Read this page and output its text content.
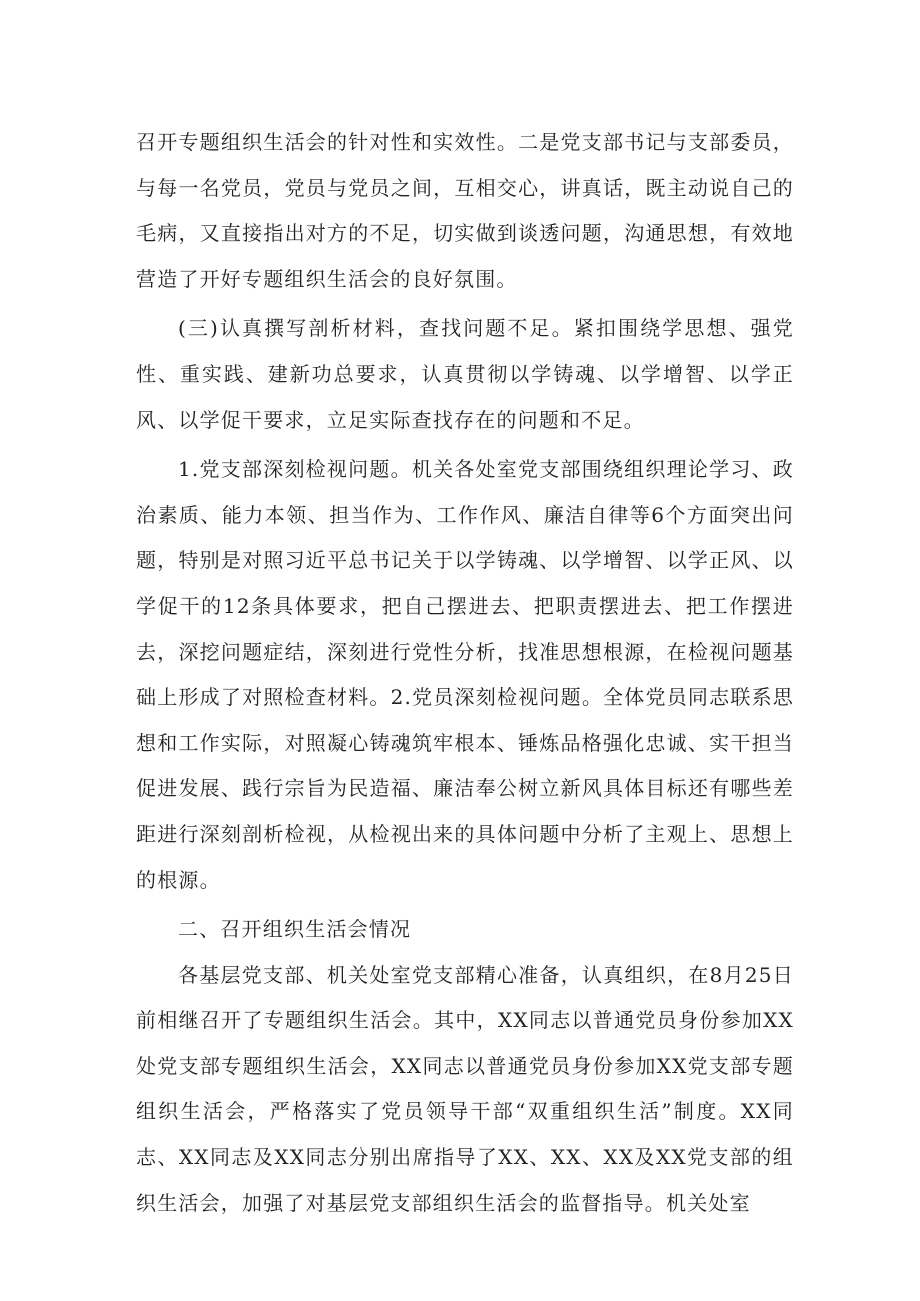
召开专题组织生活会的针对性和实效性。二是党支部书记与支部委员，与每一名党员，党员与党员之间，互相交心，讲真话，既主动说自己的毛病，又直接指出对方的不足，切实做到谈透问题，沟通思想，有效地营造了开好专题组织生活会的良好氛围。

(三)认真撰写剖析材料，查找问题不足。紧扣围绕学思想、强党性、重实践、建新功总要求，认真贯彻以学铸魂、以学增智、以学正风、以学促干要求，立足实际查找存在的问题和不足。

1.党支部深刻检视问题。机关各处室党支部围绕组织理论学习、政治素质、能力本领、担当作为、工作作风、廉洁自律等6个方面突出问题，特别是对照习近平总书记关于以学铸魂、以学增智、以学正风、以学促干的12条具体要求，把自己摆进去、把职责摆进去、把工作摆进去，深挖问题症结，深刻进行党性分析，找准思想根源，在检视问题基础上形成了对照检查材料。2.党员深刻检视问题。全体党员同志联系思想和工作实际，对照凝心铸魂筑牢根本、锤炼品格强化忠诚、实干担当促进发展、践行宗旨为民造福、廉洁奉公树立新风具体目标还有哪些差距进行深刻剖析检视，从检视出来的具体问题中分析了主观上、思想上的根源。

二、召开组织生活会情况

各基层党支部、机关处室党支部精心准备，认真组织，在8月25日前相继召开了专题组织生活会。其中，XX同志以普通党员身份参加XX处党支部专题组织生活会，XX同志以普通党员身份参加XX党支部专题组织生活会，严格落实了党员领导干部“双重组织生活”制度。XX同志、XX同志及XX同志分别出席指导了XX、XX、XX及XX党支部的组织生活会，加强了对基层党支部组织生活会的监督指导。机关处室
